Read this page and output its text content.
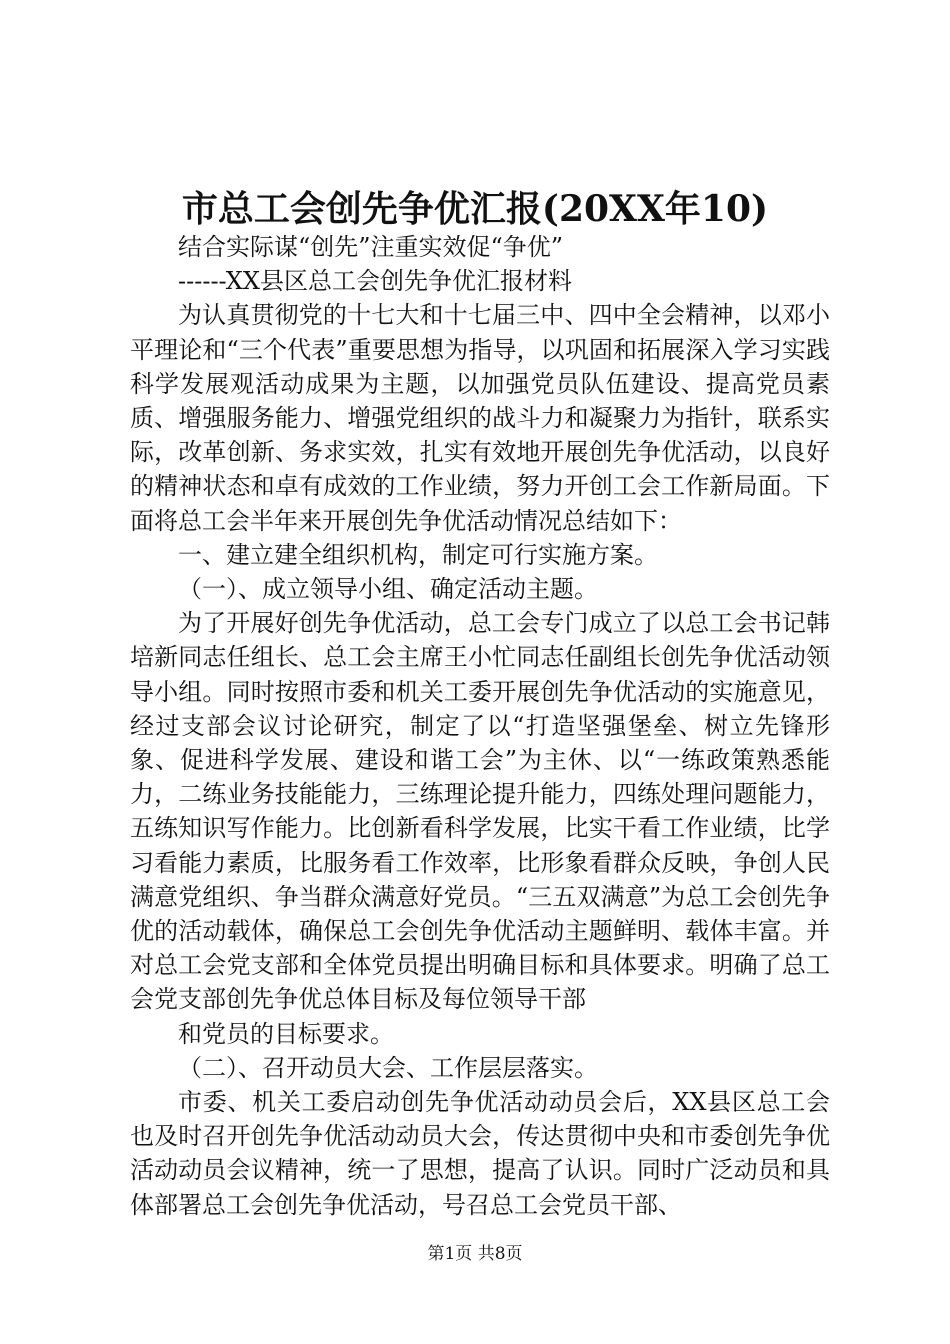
市总工会创先争优汇报(20XX年10)

结合实际谋“创先”注重实效促“争优”

------XX县区总工会创先争优汇报材料

为认真贯彻党的十七大和十七届三中、四中全会精神，以邓小平理论和“三个代表”重要思想为指导，以巩固和拓展深入学习实践科学发展观活动成果为主题，以加强党员队伍建设、提高党员素质、增强服务能力、增强党组织的战斗力和凝聚力为指针，联系实际，改革创新、务求实效，扎实有效地开展创先争优活动，以良好的精神状态和卓有成效的工作业绩，努力开创工会工作新局面。下面将总工会半年来开展创先争优活动情况总结如下：

一、建立建全组织机构，制定可行实施方案。

（一）、成立领导小组、确定活动主题。

为了开展好创先争优活动，总工会专门成立了以总工会书记韩培新同志任组长、总工会主席王小忙同志任副组长创先争优活动领导小组。同时按照市委和机关工委开展创先争优活动的实施意见，经过支部会议讨论研究，制定了以“打造坚强堡垒、树立先锋形象、促进科学发展、建设和谐工会”为主休、以“一练政策熟悉能力，二练业务技能能力，三练理论提升能力，四练处理问题能力，五练知识写作能力。比创新看科学发展，比实干看工作业绩，比学习看能力素质，比服务看工作效率，比形象看群众反映，争创人民满意党组织、争当群众满意好党员。“三五双满意”为总工会创先争优的活动载体，确保总工会创先争优活动主题鲜明、载体丰富。并对总工会党支部和全体党员提出明确目标和具体要求。明确了总工会党支部创先争优总体目标及每位领导干部

和党员的目标要求。

（二）、召开动员大会、工作层层落实。

市委、机关工委启动创先争优活动动员会后，XX县区总工会也及时召开创先争优活动动员大会，传达贯彻中央和市委创先争优活动动员会议精神，统一了思想，提高了认识。同时广泛动员和具体部署总工会创先争优活动，号召总工会党员干部、

第1页 共8页
